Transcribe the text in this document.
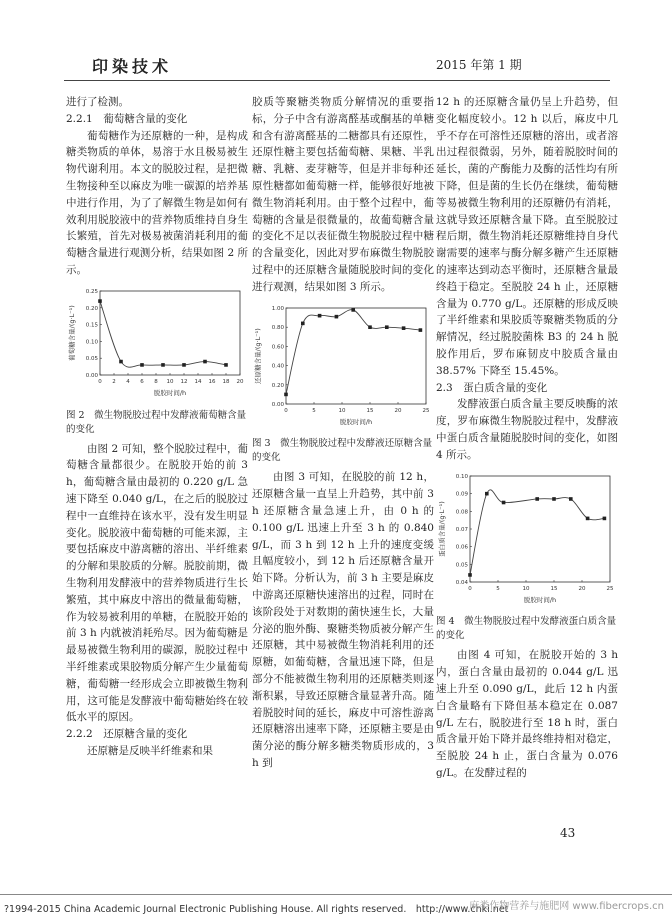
印染技术	2015 年第 1 期

进行了检测。

2.2.1　葡萄糖含量的变化

葡萄糖作为还原糖的一种，是构成糖类物质的单体，易溶于水且极易被生物代谢利用。本文的脱胶过程，是把微生物接种至以麻皮为唯一碳源的培养基中进行作用，为了了解微生物是如何有效利用脱胶液中的营养物质维持自身生长繁殖，首先对极易被菌消耗利用的葡萄糖含量进行观测分析，结果如图 2 所示。

0 2 4 6 8 10 12 14 16 18 20
0.00
0.05
0.10
0.15
0.20
0.25
脱胶时间/h
葡萄糖含量/(g·L⁻¹)
图 2　微生物脱胶过程中发酵液葡萄糖含量的变化

由图 2 可知，整个脱胶过程中，葡萄糖含量都很少。在脱胶开始的前 3 h，葡萄糖含量由最初的 0.220 g/L 急速下降至 0.040 g/L，在之后的脱胶过程中一直维持在该水平，没有发生明显变化。脱胶液中葡萄糖的可能来源，主要包括麻皮中游离糖的溶出、半纤维素的分解和果胶质的分解。脱胶前期，微生物利用发酵液中的营养物质进行生长繁殖，其中麻皮中溶出的微量葡萄糖，作为较易被利用的单糖，在脱胶开始的前 3 h 内就被消耗殆尽。因为葡萄糖是最易被微生物利用的碳源，脱胶过程中半纤维素或果胶物质分解产生少量葡萄糖，葡萄糖一经形成会立即被微生物利用，这可能是发酵液中葡萄糖始终在较低水平的原因。

2.2.2　还原糖含量的变化

还原糖是反映半纤维素和果

胶质等聚糖类物质分解情况的重要指标，分子中含有游离醛基或酮基的单糖和含有游离醛基的二糖都具有还原性，还原性糖主要包括葡萄糖、果糖、半乳糖、乳糖、麦芽糖等，但是并非每种还原性糖都如葡萄糖一样，能够很好地被微生物消耗利用。由于整个过程中，葡萄糖的含量是很微量的，故葡萄糖含量的变化不足以表征微生物脱胶过程中糖的含量变化，因此对罗布麻微生物脱胶过程中的还原糖含量随脱胶时间的变化进行观测，结果如图 3 所示。

0	5	10	15	20	25
0.00
0.20
0.40
0.60
0.80
1.00
脱胶时间/h
还原糖含量/(g·L⁻¹)
图 3　微生物脱胶过程中发酵液还原糖含量的变化

由图 3 可知，在脱胶的前 12 h，还原糖含量一直呈上升趋势，其中前 3 h 还原糖含量急速上升，由 0 h 的 0.100 g/L 迅速上升至 3 h 的 0.840 g/L，而 3 h 到 12 h 上升的速度变缓且幅度较小，到 12 h 后还原糖含量开始下降。分析认为，前 3 h 主要是麻皮中游离还原糖快速溶出的过程，同时在该阶段处于对数期的菌快速生长，大量分泌的胞外酶、聚糖类物质被分解产生还原糖，其中易被微生物消耗利用的还原糖，如葡萄糖，含量迅速下降，但是部分不能被微生物利用的还原糖类则逐渐积累，导致还原糖含量显著升高。随着脱胶时间的延长，麻皮中可溶性游离还原糖溶出速率下降，还原糖主要是由菌分泌的酶分解多糖类物质形成的，3 h 到

12 h 的还原糖含量仍呈上升趋势，但变化幅度较小。12 h 以后，麻皮中几乎不存在可溶性还原糖的溶出，或者溶出过程很微弱，另外，随着脱胶时间的延长，菌的产酶能力及酶的活性均有所下降，但是菌的生长仍在继续，葡萄糖等易被微生物利用的还原糖仍有消耗，这就导致还原糖含量下降。直至脱胶过程后期，微生物消耗还原糖维持自身代谢需要的速率与酶分解多糖产生还原糖的速率达到动态平衡时，还原糖含量最终趋于稳定。至脱胶 24 h 止，还原糖含量为 0.770 g/L。还原糖的形成反映了半纤维素和果胶质等聚糖类物质的分解情况，经过脱胶菌株 B3 的 24 h 脱胶作用后，罗布麻韧皮中胶质含量由 38.57% 下降至 15.45%。

2.3　蛋白质含量的变化

发酵液蛋白质含量主要反映酶的浓度，罗布麻微生物脱胶过程中，发酵液中蛋白质含量随脱胶时间的变化，如图 4 所示。

0	5	10	15	20	25
0.04
0.05
0.06
0.07
0.08
0.09
0.10
脱胶时间/h
蛋白质含量/(g·L⁻¹)
图 4　微生物脱胶过程中发酵液蛋白质含量的变化

由图 4 可知，在脱胶开始的 3 h 内，蛋白含量由最初的 0.044 g/L 迅速上升至 0.090 g/L，此后 12 h 内蛋白含量略有下降但基本稳定在 0.087 g/L 左右，脱胶进行至 18 h 时，蛋白质含量开始下降并最终维持相对稳定，至脱胶 24 h 止，蛋白含量为 0.076 g/L。在发酵过程的

43
?1994-2015 China Academic Journal Electronic Publishing House. All rights reserved.　http://www.cnki.net
麻类作物营养与施肥网 www.fibercrops.cn
